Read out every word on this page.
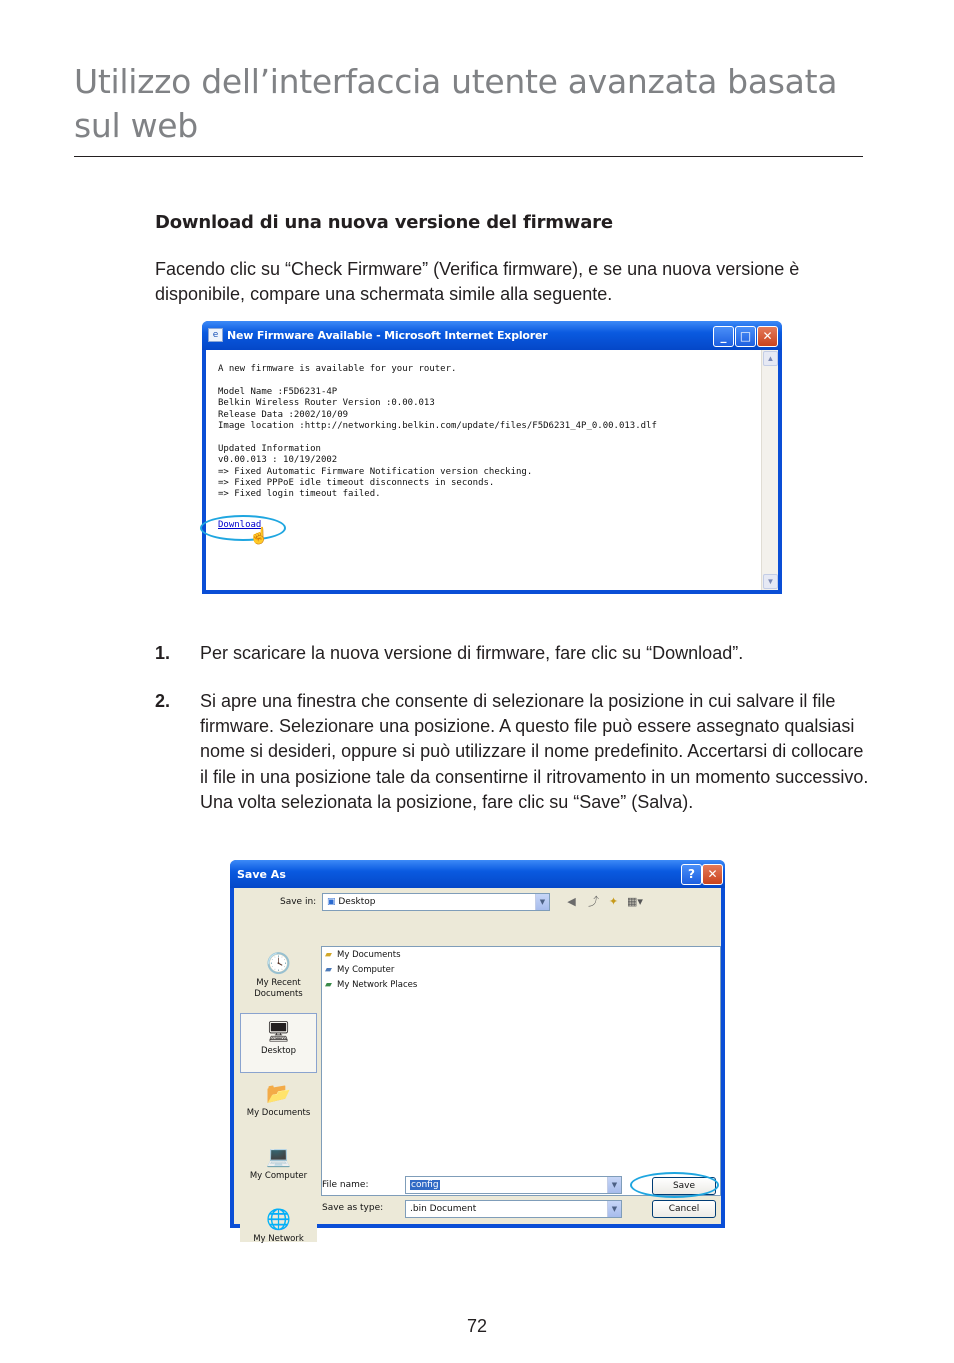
Utilizzo dell’interfaccia utente avanzata basata sul web
Download di una nuova versione del firmware
Facendo clic su “Check Firmware” (Verifica firmware), e se una nuova versione è disponibile, compare una schermata simile alla seguente.
e New Firmware Available - Microsoft Internet Explorer	_	□ ✕
A new firmware is available for your router.

Model Name :F5D6231-4P
Belkin Wireless Router Version :0.00.013
Release Data :2002/10/09
Image location :http://networking.belkin.com/update/files/F5D6231_4P_0.00.013.dlf

Updated Information
v0.00.013 : 10/19/2002
=> Fixed Automatic Firmware Notification version checking.
=> Fixed PPPoE idle timeout disconnects in seconds.
=> Fixed login timeout failed.
Download
☝
▲
▼
1. Per scaricare la nuova versione di firmware, fare clic su “Download”.
2. Si apre una finestra che consente di selezionare la posizione in cui salvare il file firmware. Selezionare una posizione. A questo file può essere assegnato qualsiasi nome si desideri, oppure si può utilizzare il nome predefinito. Accertarsi di collocare il file in una posizione tale da consentirne il ritrovamento in un momento successivo. Una volta selezionata la posizione, fare clic su “Save” (Salva).
Save As	?	✕
Save in:	▣ Desktop	▼	◀ ⤴ ✦ ▦▾
🕓
My Recent
Documents
🖥
Desktop
📂
My Documents
💻
My Computer
🌐
My Network
▰ My Documents
▰ My Computer
▰ My Network Places
File name:	config	▼
Save as type:	.bin Document	▼
Save
Cancel
72
